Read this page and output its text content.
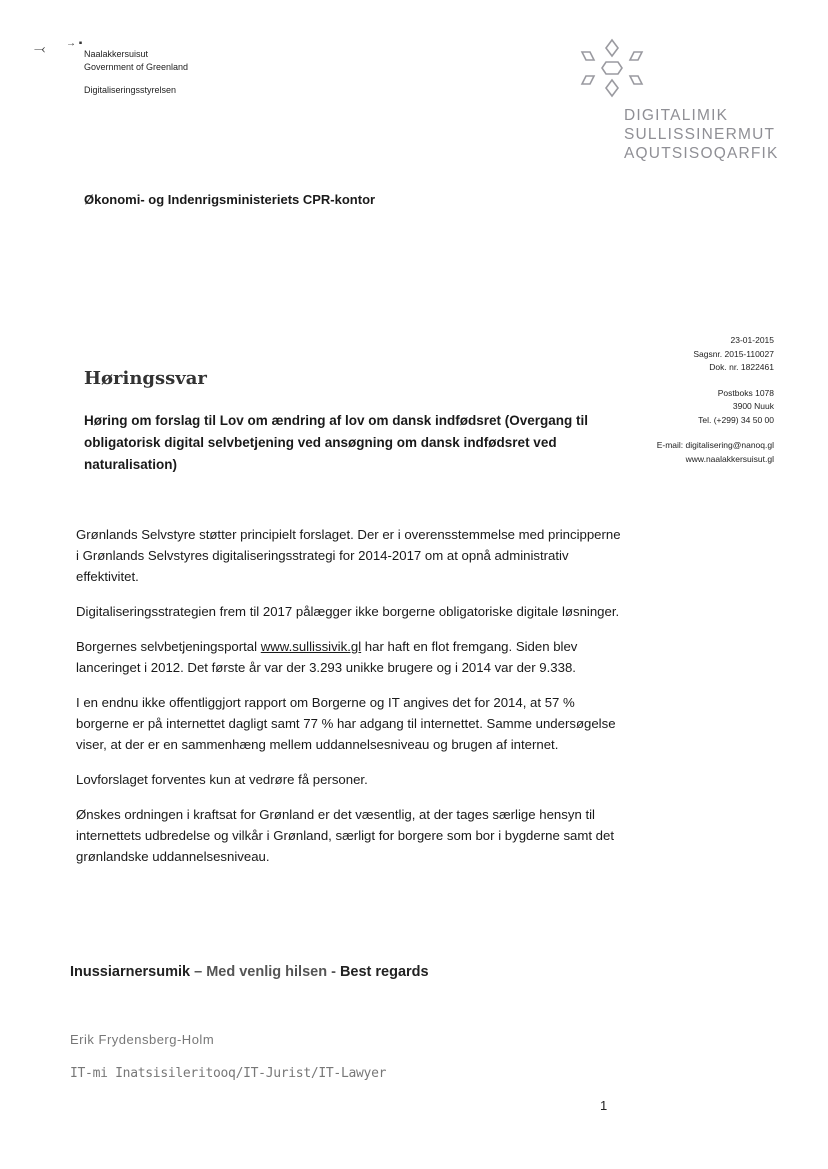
⤙ → ▪
Naalakkersuisut
Government of Greenland
Digitaliseringsstyrelsen
DIGITALIMIK
SULLISSINERMUT
AQUTSISOQARFIK
Økonomi- og Indenrigsministeriets CPR-kontor
23-01-2015
Sagsnr. 2015-110027
Dok. nr. 1822461
Postboks 1078
3900 Nuuk
Tel. (+299) 34 50 00
E-mail: digitalisering@nanoq.gl
www.naalakkersuisut.gl
Høringssvar
Høring om forslag til Lov om ændring af lov om dansk indfødsret (Overgang til obligatorisk digital selvbetjening ved ansøgning om dansk indfødsret ved naturalisation)

Grønlands Selvstyre støtter principielt forslaget. Der er i overensstemmelse med principperne i Grønlands Selvstyres digitaliseringsstrategi for 2014-2017 om at opnå administrativ effektivitet.

Digitaliseringsstrategien frem til 2017 pålægger ikke borgerne obligatoriske digitale løsninger.

Borgernes selvbetjeningsportal www.sullissivik.gl har haft en flot fremgang. Siden blev lanceringet i 2012. Det første år var der 3.293 unikke brugere og i 2014 var der 9.338.

I en endnu ikke offentliggjort rapport om Borgerne og IT angives det for 2014, at 57 % borgerne er på internettet dagligt samt 77 % har adgang til internettet. Samme undersøgelse viser, at der er en sammenhæng mellem uddannelsesniveau og brugen af internet.

Lovforslaget forventes kun at vedrøre få personer.

Ønskes ordningen i kraftsat for Grønland er det væsentlig, at der tages særlige hensyn til internettets udbredelse og vilkår i Grønland, særligt for borgere som bor i bygderne samt det grønlandske uddannelsesniveau.

Inussiarnersumik – Med venlig hilsen - Best regards
Erik Frydensberg-Holm
IT-mi Inatsisileritooq/IT-Jurist/IT-Lawyer
1
